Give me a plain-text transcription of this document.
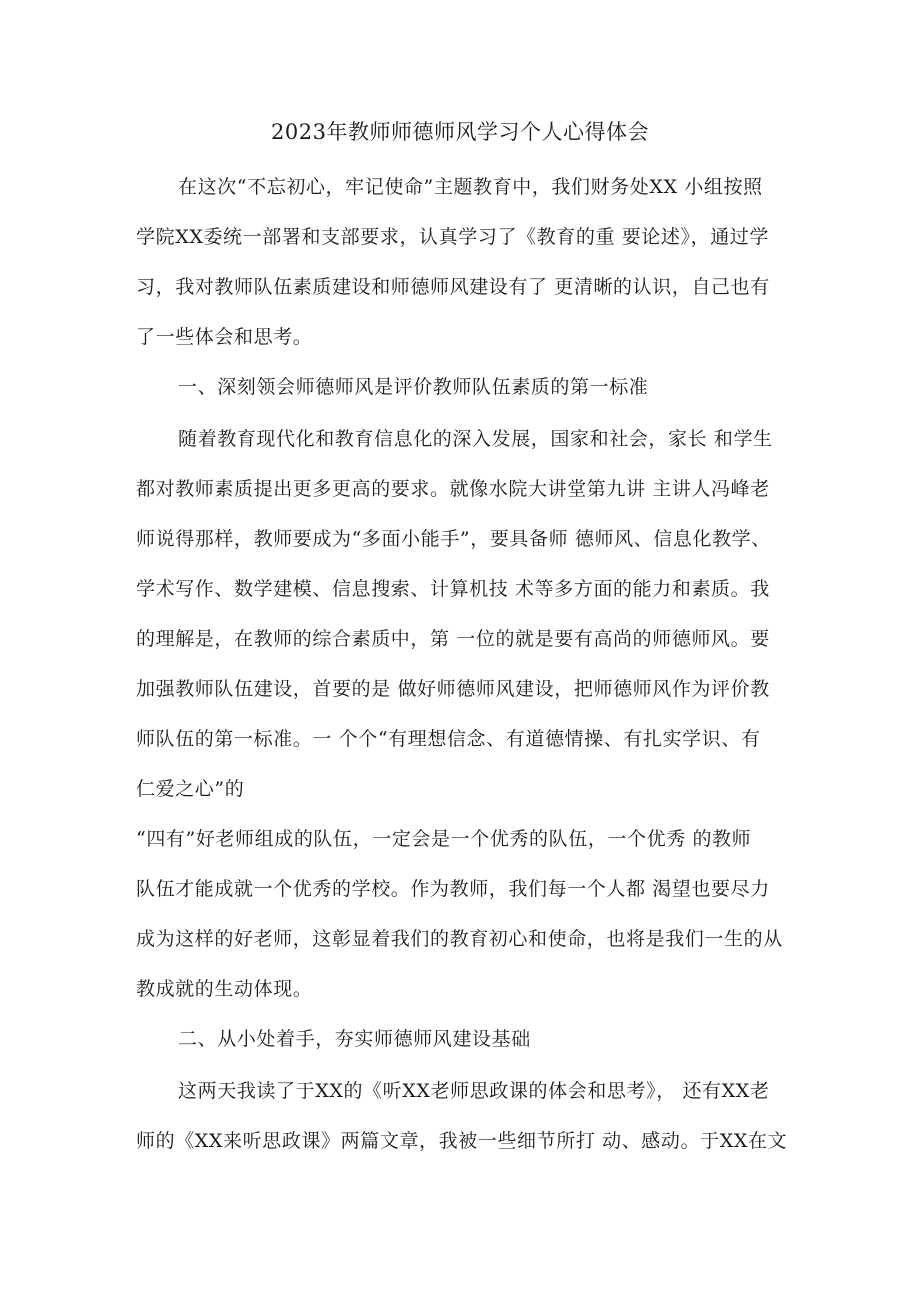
2023年教师师德师风学习个人心得体会
在这次“不忘初心，牢记使命”主题教育中，我们财务处XX 小组按照
学院XX委统一部署和支部要求，认真学习了《教育的重 要论述》，通过学
习，我对教师队伍素质建设和师德师风建设有了 更清晰的认识，自己也有
了一些体会和思考。
一、深刻领会师德师风是评价教师队伍素质的第一标准
随着教育现代化和教育信息化的深入发展，国家和社会，家长 和学生
都对教师素质提出更多更高的要求。就像水院大讲堂第九讲 主讲人冯峰老
师说得那样，教师要成为“多面小能手”，要具备师 德师风、信息化教学、
学术写作、数学建模、信息搜索、计算机技 术等多方面的能力和素质。我
的理解是，在教师的综合素质中，第 一位的就是要有高尚的师德师风。要
加强教师队伍建设，首要的是 做好师德师风建设，把师德师风作为评价教
师队伍的第一标准。一 个个“有理想信念、有道德情操、有扎实学识、有
仁爱之心”的
“四有”好老师组成的队伍，一定会是一个优秀的队伍，一个优秀 的教师
队伍才能成就一个优秀的学校。作为教师，我们每一个人都 渴望也要尽力
成为这样的好老师，这彰显着我们的教育初心和使命，也将是我们一生的从
教成就的生动体现。
二、从小处着手，夯实师德师风建设基础
这两天我读了于XX的《听XX老师思政课的体会和思考》， 还有XX老
师的《XX来听思政课》两篇文章，我被一些细节所打 动、感动。于XX在文
